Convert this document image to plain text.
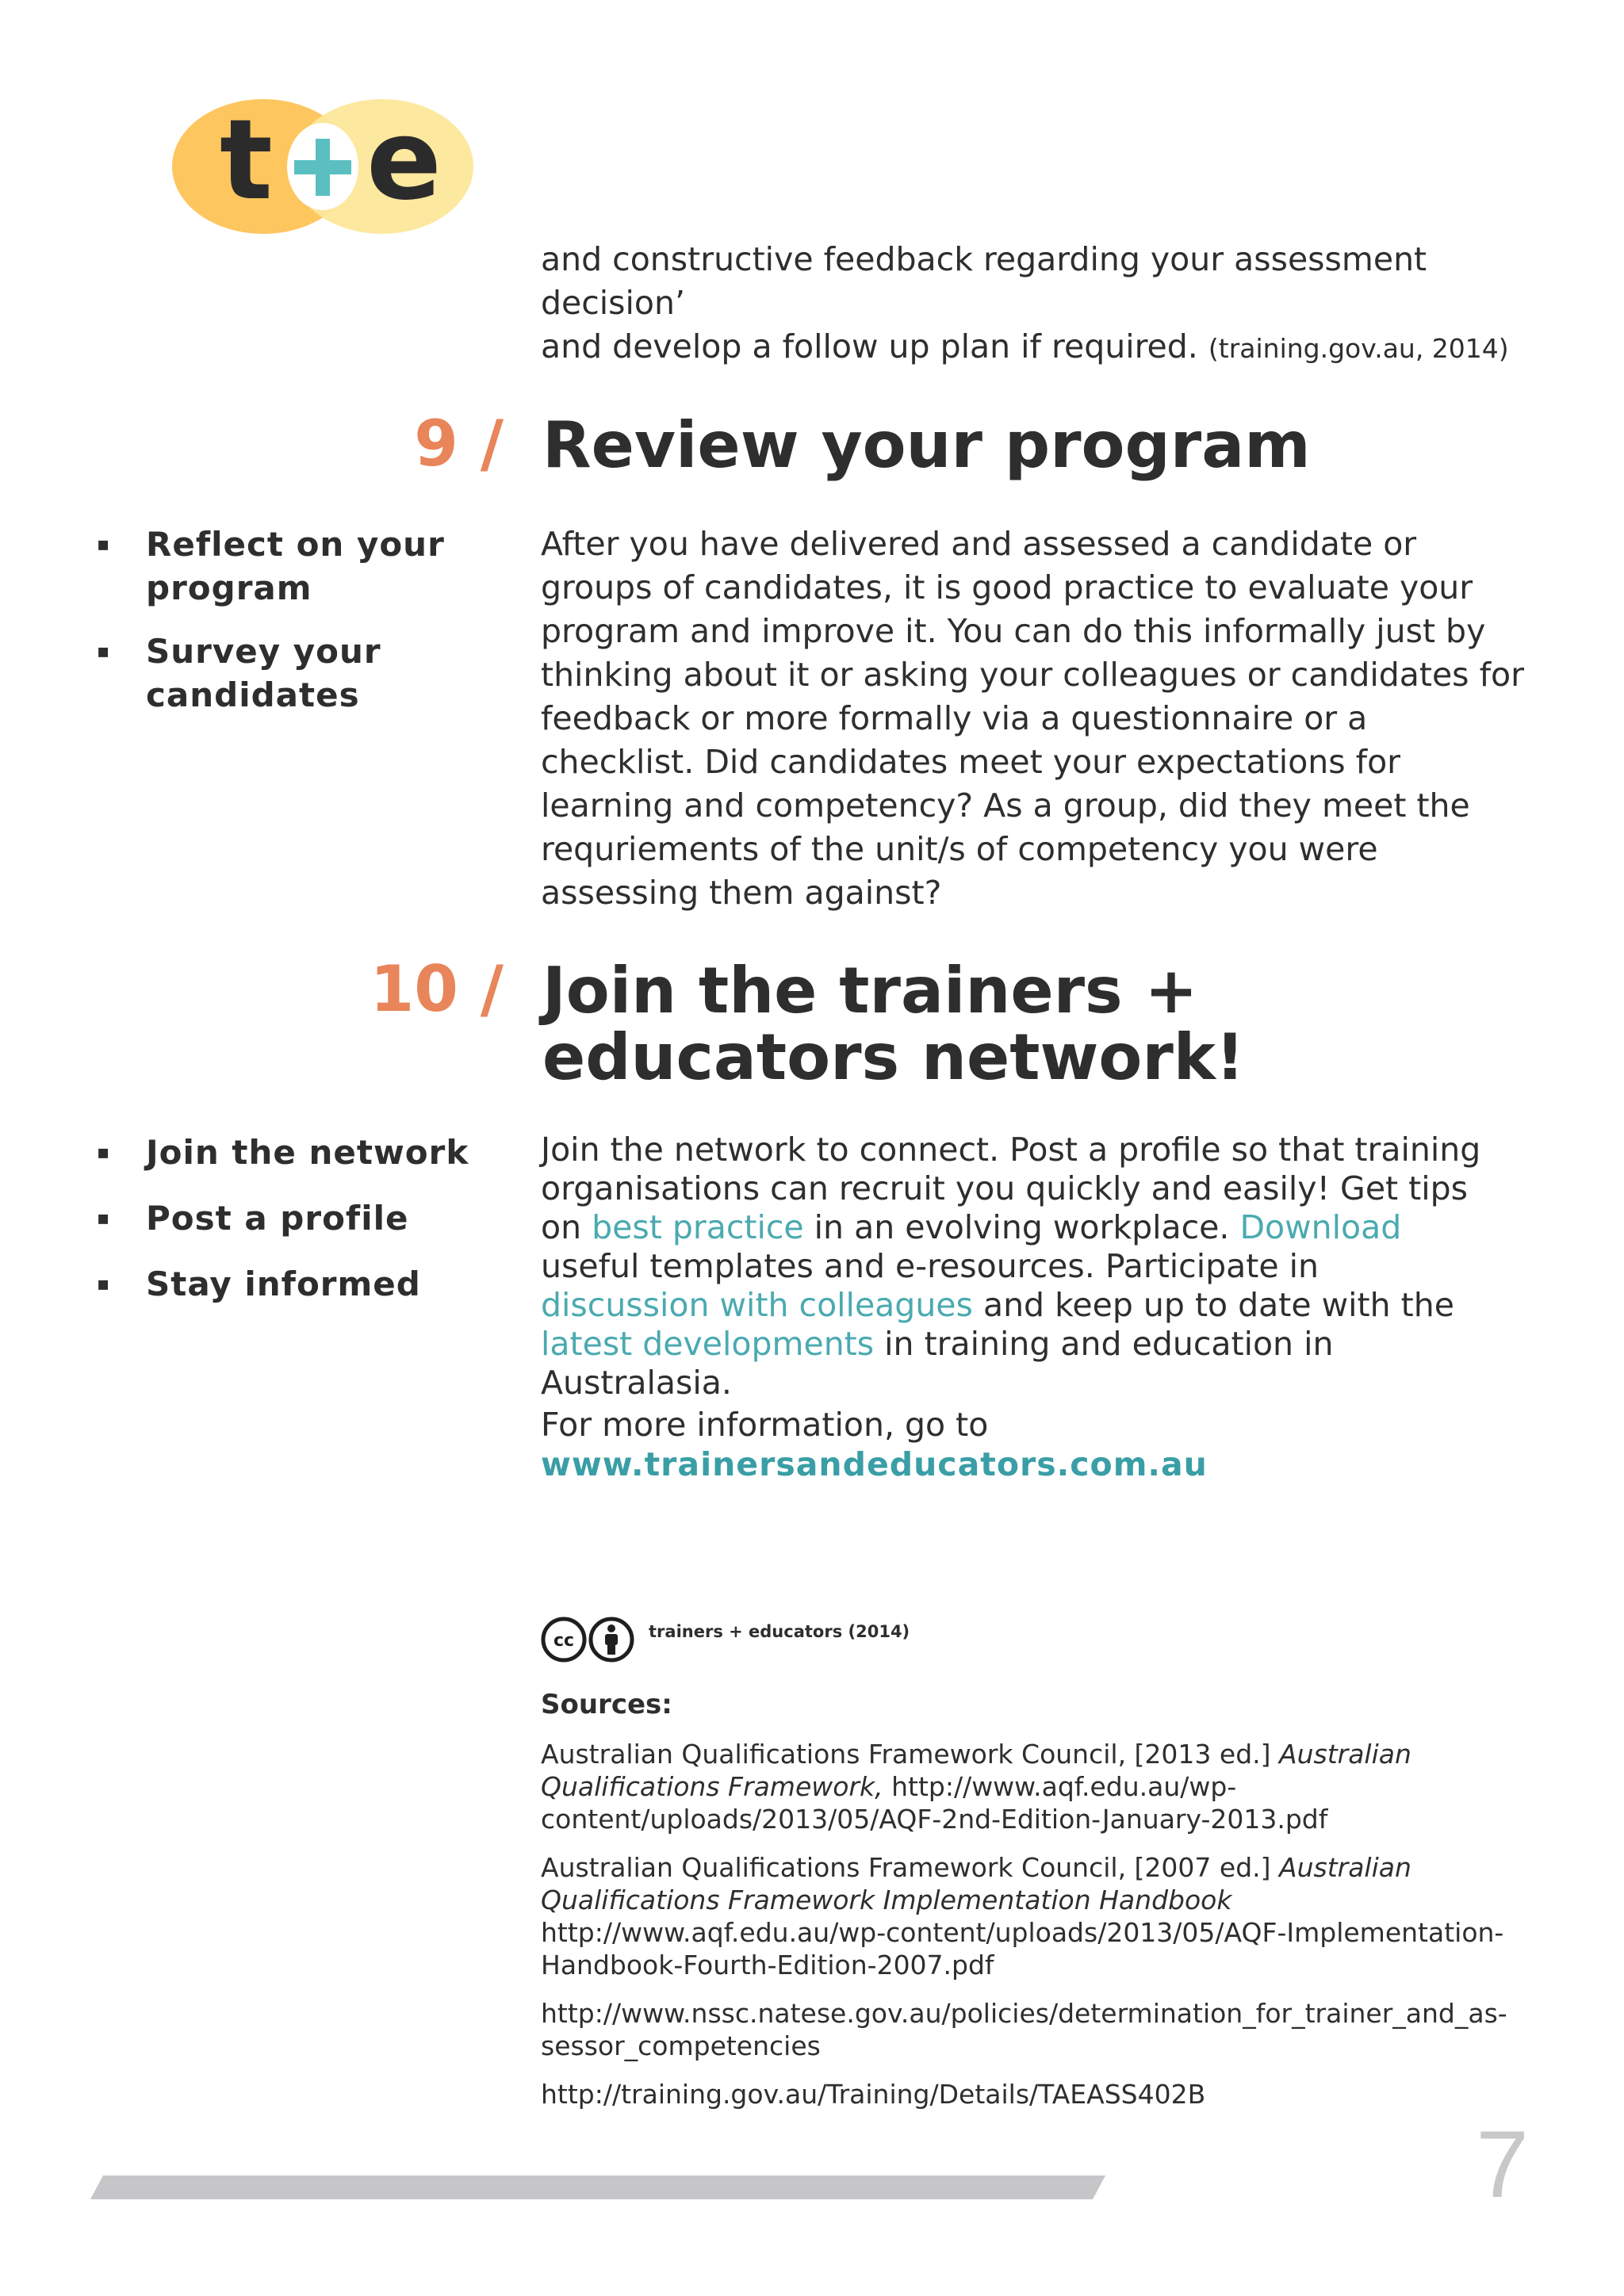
t e
and constructive feedback regarding your assessment decision’
and develop a follow up plan if required. (training.gov.au, 2014)
9 / Review your program
▪ Reflect on your program
▪ Survey your candidates
After you have delivered and assessed a candidate or groups of candidates, it is good practice to evaluate your program and improve it. You can do this informally just by thinking about it or asking your colleagues or candidates for feedback or more formally via a questionnaire or a checklist. Did candidates meet your expectations for learning and competency? As a group, did they meet the requriements of the unit/s of competency you were assessing them against?
10 / Join the trainers +
educators network!
▪ Join the network
▪ Post a profile
▪ Stay informed
Join the network to connect. Post a profile so that training organisations can recruit you quickly and easily! Get tips on best practice in an evolving workplace. Download useful templates and e-resources. Participate in discussion with colleagues and keep up to date with the latest developments in training and education in Australasia.
For more information, go to
www.trainersandeducators.com.au
cc	trainers + educators (2014)
Sources:

Australian Qualifications Framework Council, [2013 ed.] Australian Qualifications Framework, http://www.aqf.edu.au/wp-content/uploads/2013/05/AQF-2nd-Edition-January-2013.pdf

Australian Qualifications Framework Council, [2007 ed.] Australian Qualifications Framework Implementation Handbook http://www.aqf.edu.au/wp-content/uploads/2013/05/AQF-Implementation-Handbook-Fourth-Edition-2007.pdf

http://www.nssc.natese.gov.au/policies/determination_for_trainer_and_as-sessor_competencies

http://training.gov.au/Training/Details/TAEASS402B

7
